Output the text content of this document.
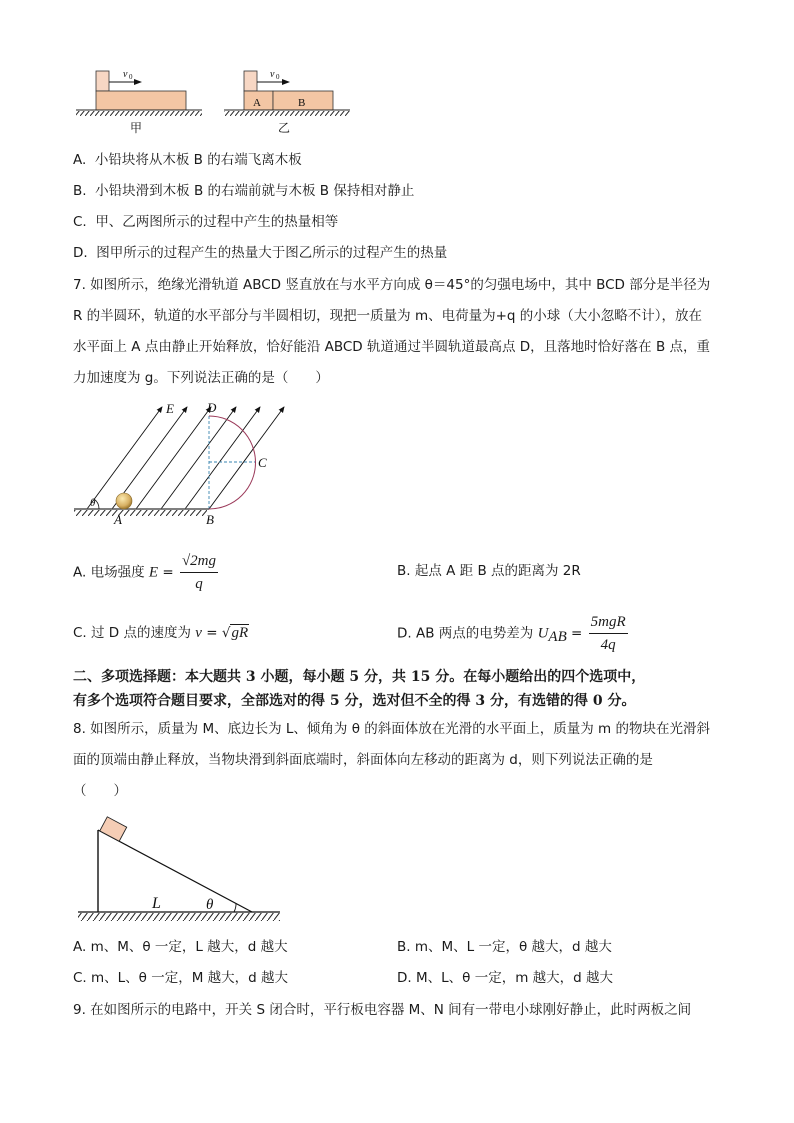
v 0
甲
A	B
v 0
乙
A. 小铅块将从木板 B 的右端飞离木板
B. 小铅块滑到木板 B 的右端前就与木板 B 保持相对静止
C. 甲、乙两图所示的过程中产生的热量相等
D. 图甲所示的过程产生的热量大于图乙所示的过程产生的热量
7. 如图所示，绝缘光滑轨道 ABCD 竖直放在与水平方向成 θ＝45°的匀强电场中，其中 BCD 部分是半径为
R 的半圆环，轨道的水平部分与半圆相切，现把一质量为 m、电荷量为+q 的小球（大小忽略不计），放在
水平面上 A 点由静止开始释放，恰好能沿 ABCD 轨道通过半圆轨道最高点 D，且落地时恰好落在 B 点，重
力加速度为 g。下列说法正确的是（　　）
θ
E	D
C
A	B
A. 电场强度 $E = \frac{√2mg}{q}$	B. 起点 A 距 B 点的距离为 2R
C. 过 D 点的速度为 v = √gR	D. AB 两点的电势差为 $U_{AB} = \frac{\text{5mgR}}{4q}$
二、多项选择题：本大题共 3 小题，每小题 5 分，共 15 分。在每小题给出的四个选项中，
有多个选项符合题目要求，全部选对的得 5 分，选对但不全的得 3 分，有选错的得 0 分。
8. 如图所示，质量为 M、底边长为 L、倾角为 θ 的斜面体放在光滑的水平面上，质量为 m 的物块在光滑斜
面的顶端由静止释放，当物块滑到斜面底端时，斜面体向左移动的距离为 d，则下列说法正确的是
（　　）
L	θ
A. m、M、θ 一定，L 越大，d 越大	B. m、M、L 一定，θ 越大，d 越大
C. m、L、θ 一定，M 越大，d 越大	D. M、L、θ 一定，m 越大，d 越大
9. 在如图所示的电路中，开关 S 闭合时，平行板电容器 M、N 间有一带电小球刚好静止，此时两板之间
